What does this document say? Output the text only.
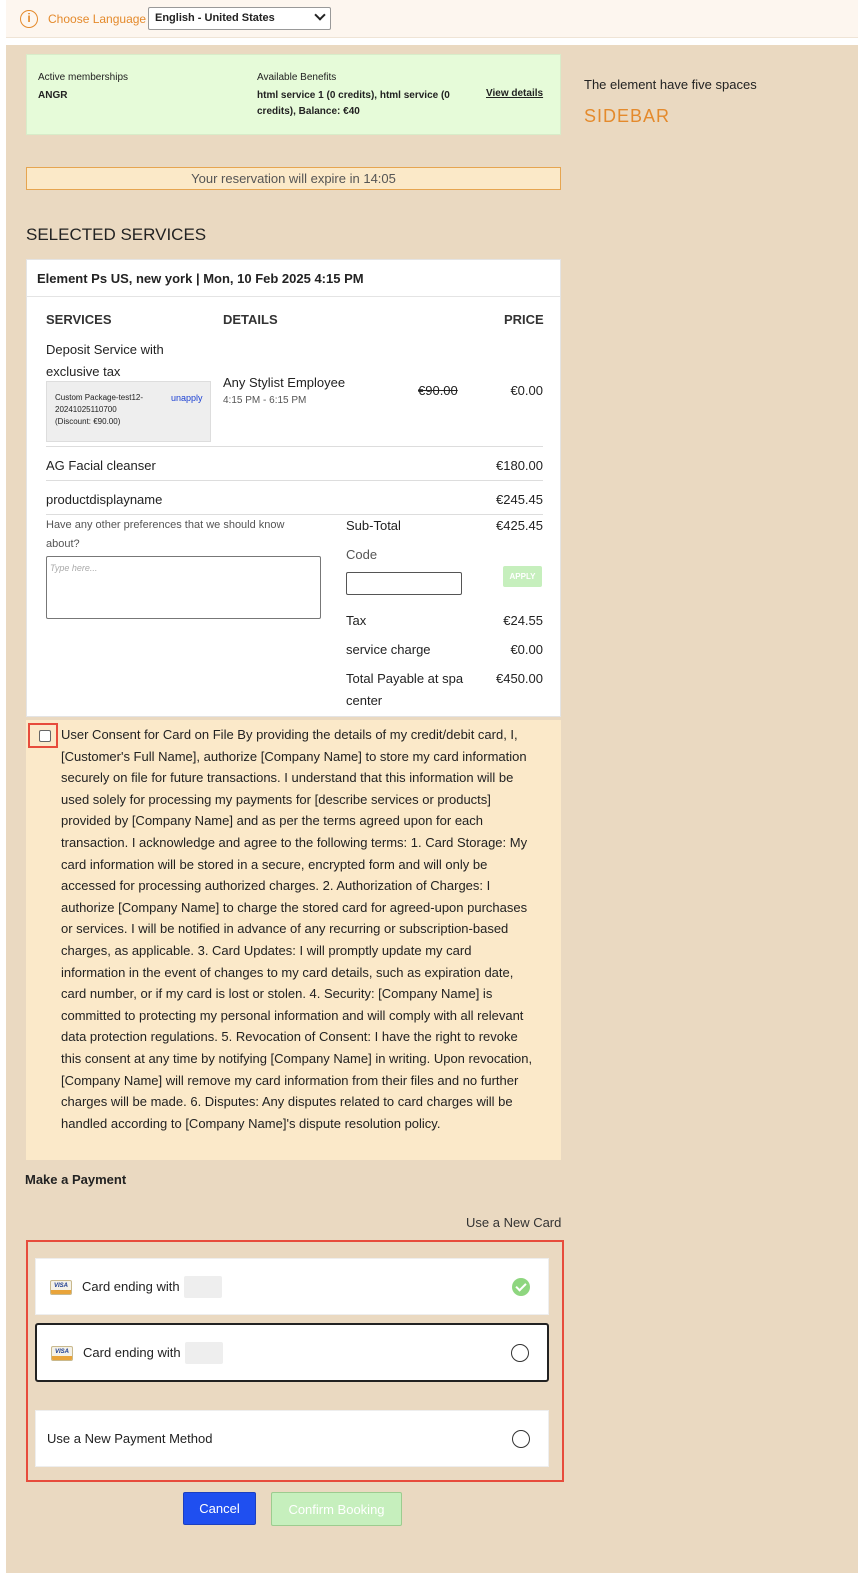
i	Choose Language English - United States
The element have five spaces
SIDEBAR
Active memberships
ANGR
Available Benefits
html service 1 (0 credits), html service (0
credits), Balance: €40
View details
Your reservation will expire in 14:05
SELECTED SERVICES
Element Ps US, new york | Mon, 10 Feb 2025 4:15 PM
SERVICES	DETAILS	PRICE
Deposit Service with
exclusive tax
Custom Package-test12-
20241025110700
(Discount: €90.00)
unapply
Any Stylist Employee
4:15 PM - 6:15 PM
€90.00	€0.00
AG Facial cleanser	€180.00
productdisplayname	€245.45
Have any other preferences that we should know about?
Type here...
Sub-Total	€425.45
Code
APPLY
Tax	€24.55
service charge	€0.00
Total Payable at spa
center
€450.00
User Consent for Card on File By providing the details of my credit/debit card, I, [Customer's Full Name], authorize [Company Name] to store my card information securely on file for future transactions. I understand that this information will be used solely for processing my payments for [describe services or products] provided by [Company Name] and as per the terms agreed upon for each transaction. I acknowledge and agree to the following terms: 1. Card Storage: My card information will be stored in a secure, encrypted form and will only be accessed for processing authorized charges. 2. Authorization of Charges: I authorize [Company Name] to charge the stored card for agreed-upon purchases or services. I will be notified in advance of any recurring or subscription-based charges, as applicable. 3. Card Updates: I will promptly update my card information in the event of changes to my card details, such as expiration date, card number, or if my card is lost or stolen. 4. Security: [Company Name] is committed to protecting my personal information and will comply with all relevant data protection regulations. 5. Revocation of Consent: I have the right to revoke this consent at any time by notifying [Company Name] in writing. Upon revocation, [Company Name] will remove my card information from their files and no further charges will be made. 6. Disputes: Any disputes related to card charges will be handled according to [Company Name]'s dispute resolution policy.
Make a Payment
Use a New Card
VISA Card ending with
VISA Card ending with
Use a New Payment Method
Cancel	Confirm Booking
